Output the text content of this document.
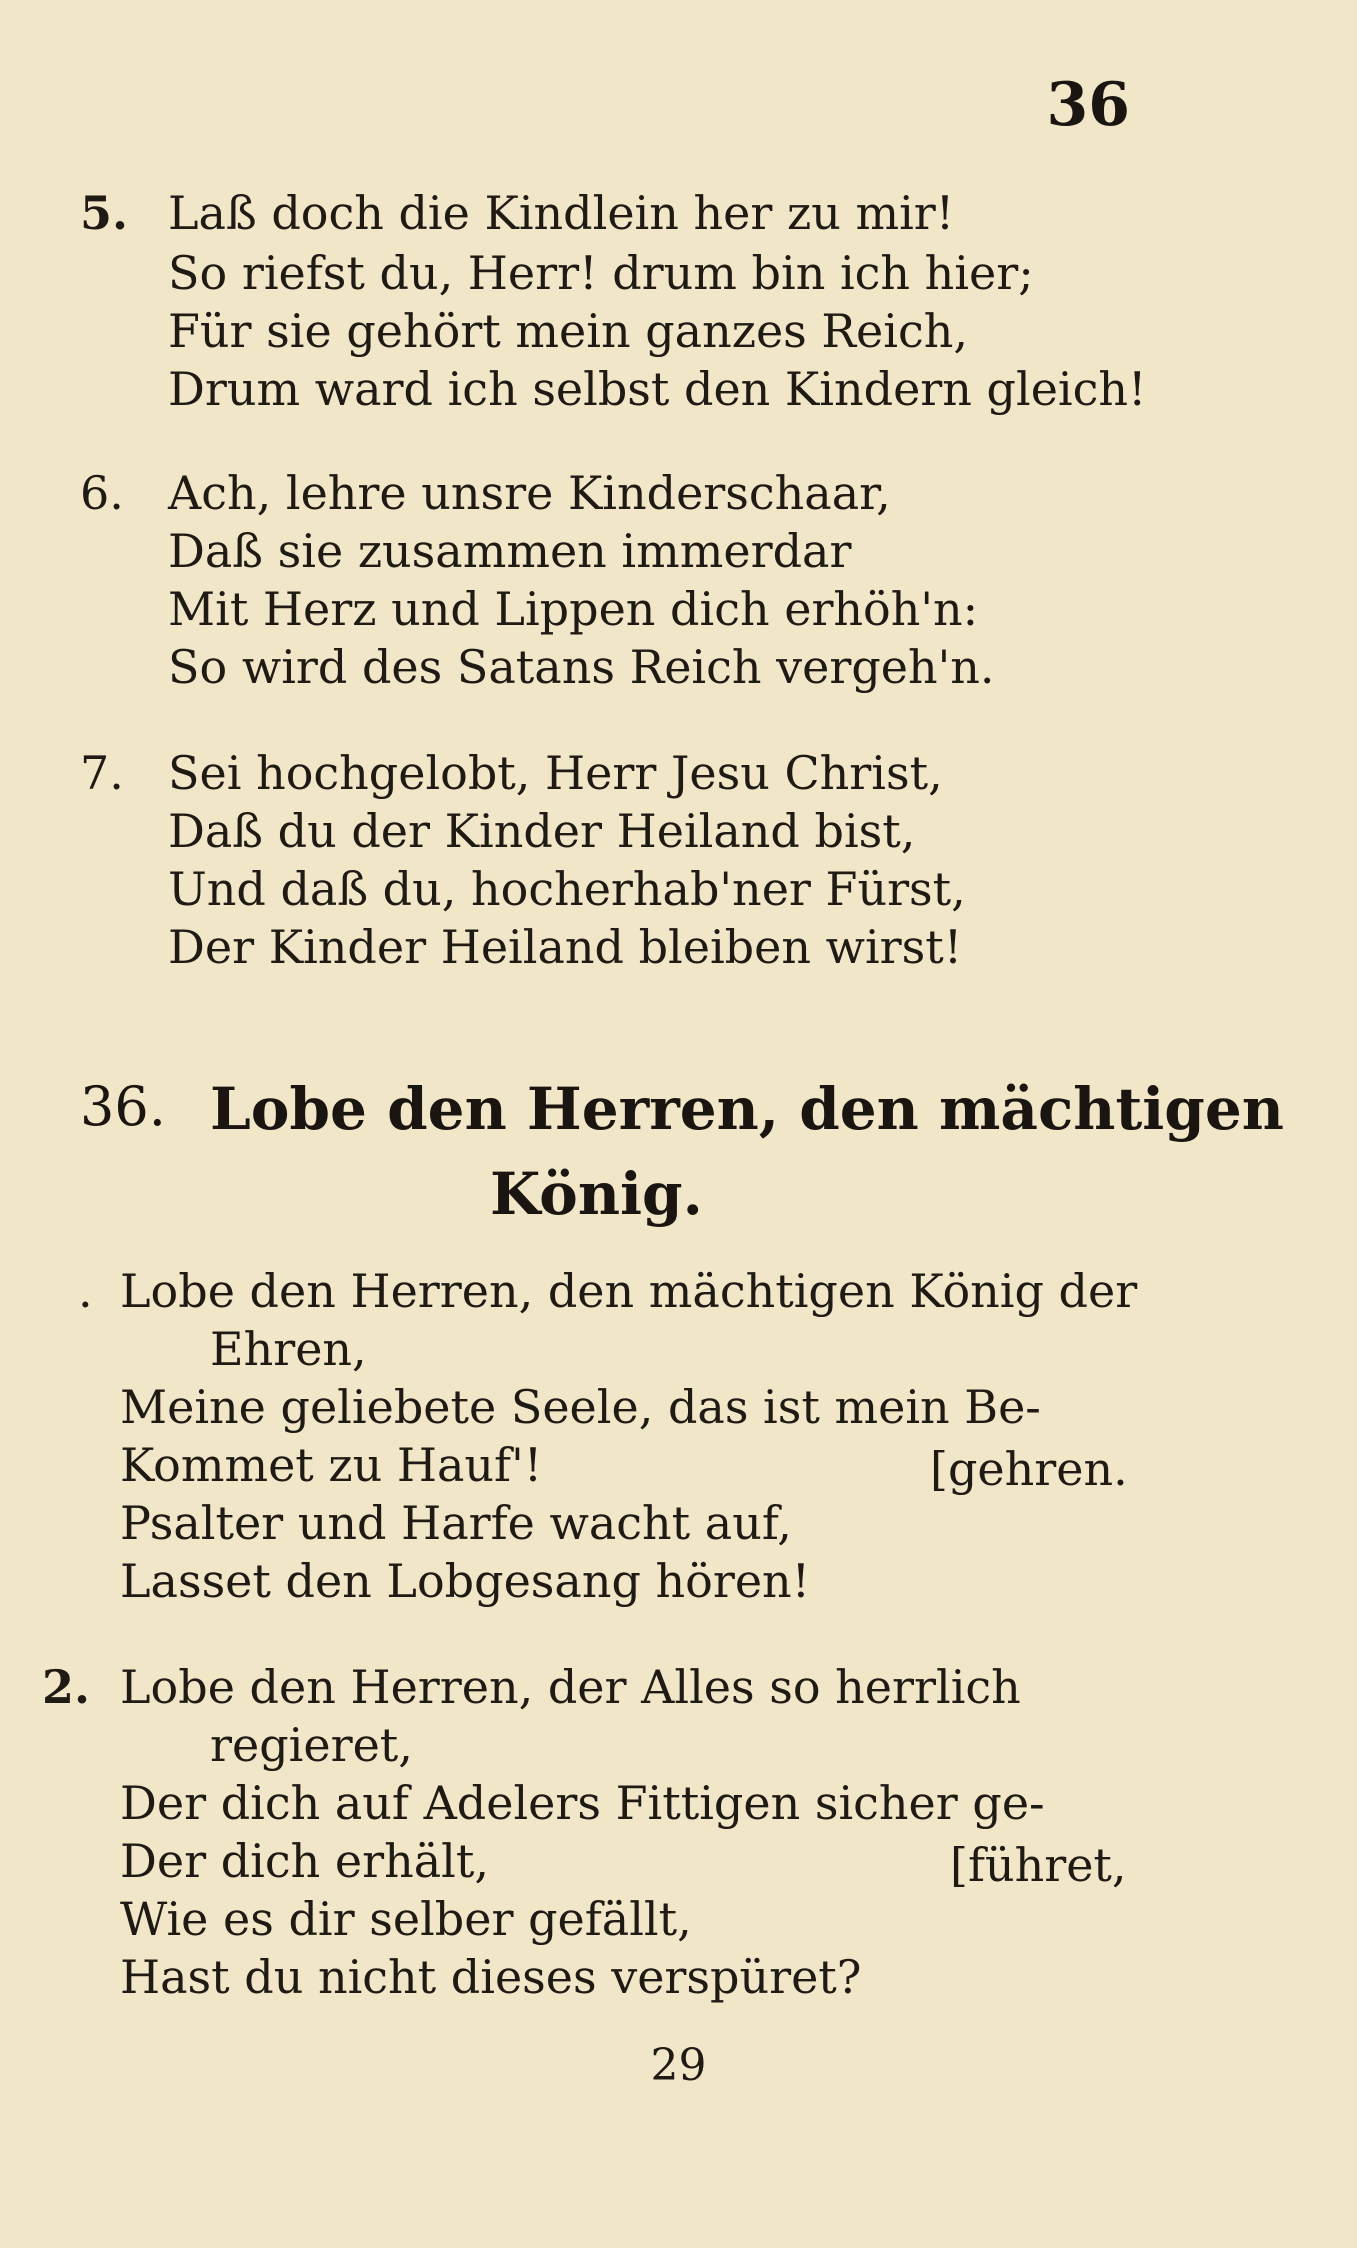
36
5. Laß doch die Kindlein her zu mir!
So riefst du, Herr! drum bin ich hier;
Für sie gehört mein ganzes Reich,
Drum ward ich selbst den Kindern gleich!
6. Ach, lehre unsre Kinderschaar,
Daß sie zusammen immerdar
Mit Herz und Lippen dich erhöh'n:
So wird des Satans Reich vergeh'n.
7. Sei hochgelobt, Herr Jesu Christ,
Daß du der Kinder Heiland bist,
Und daß du, hocherhab'ner Fürst,
Der Kinder Heiland bleiben wirst!
36. Lobe den Herren, den mächtigen
König.
. Lobe den Herren, den mächtigen König der
Ehren,
Meine geliebete Seele, das ist mein Be-
Kommet zu Hauf'!	[gehren.
Psalter und Harfe wacht auf,
Lasset den Lobgesang hören!
2. Lobe den Herren, der Alles so herrlich
regieret,
Der dich auf Adelers Fittigen sicher ge-
Der dich erhält,	[führet,
Wie es dir selber gefällt,
Hast du nicht dieses verspüret?
29
